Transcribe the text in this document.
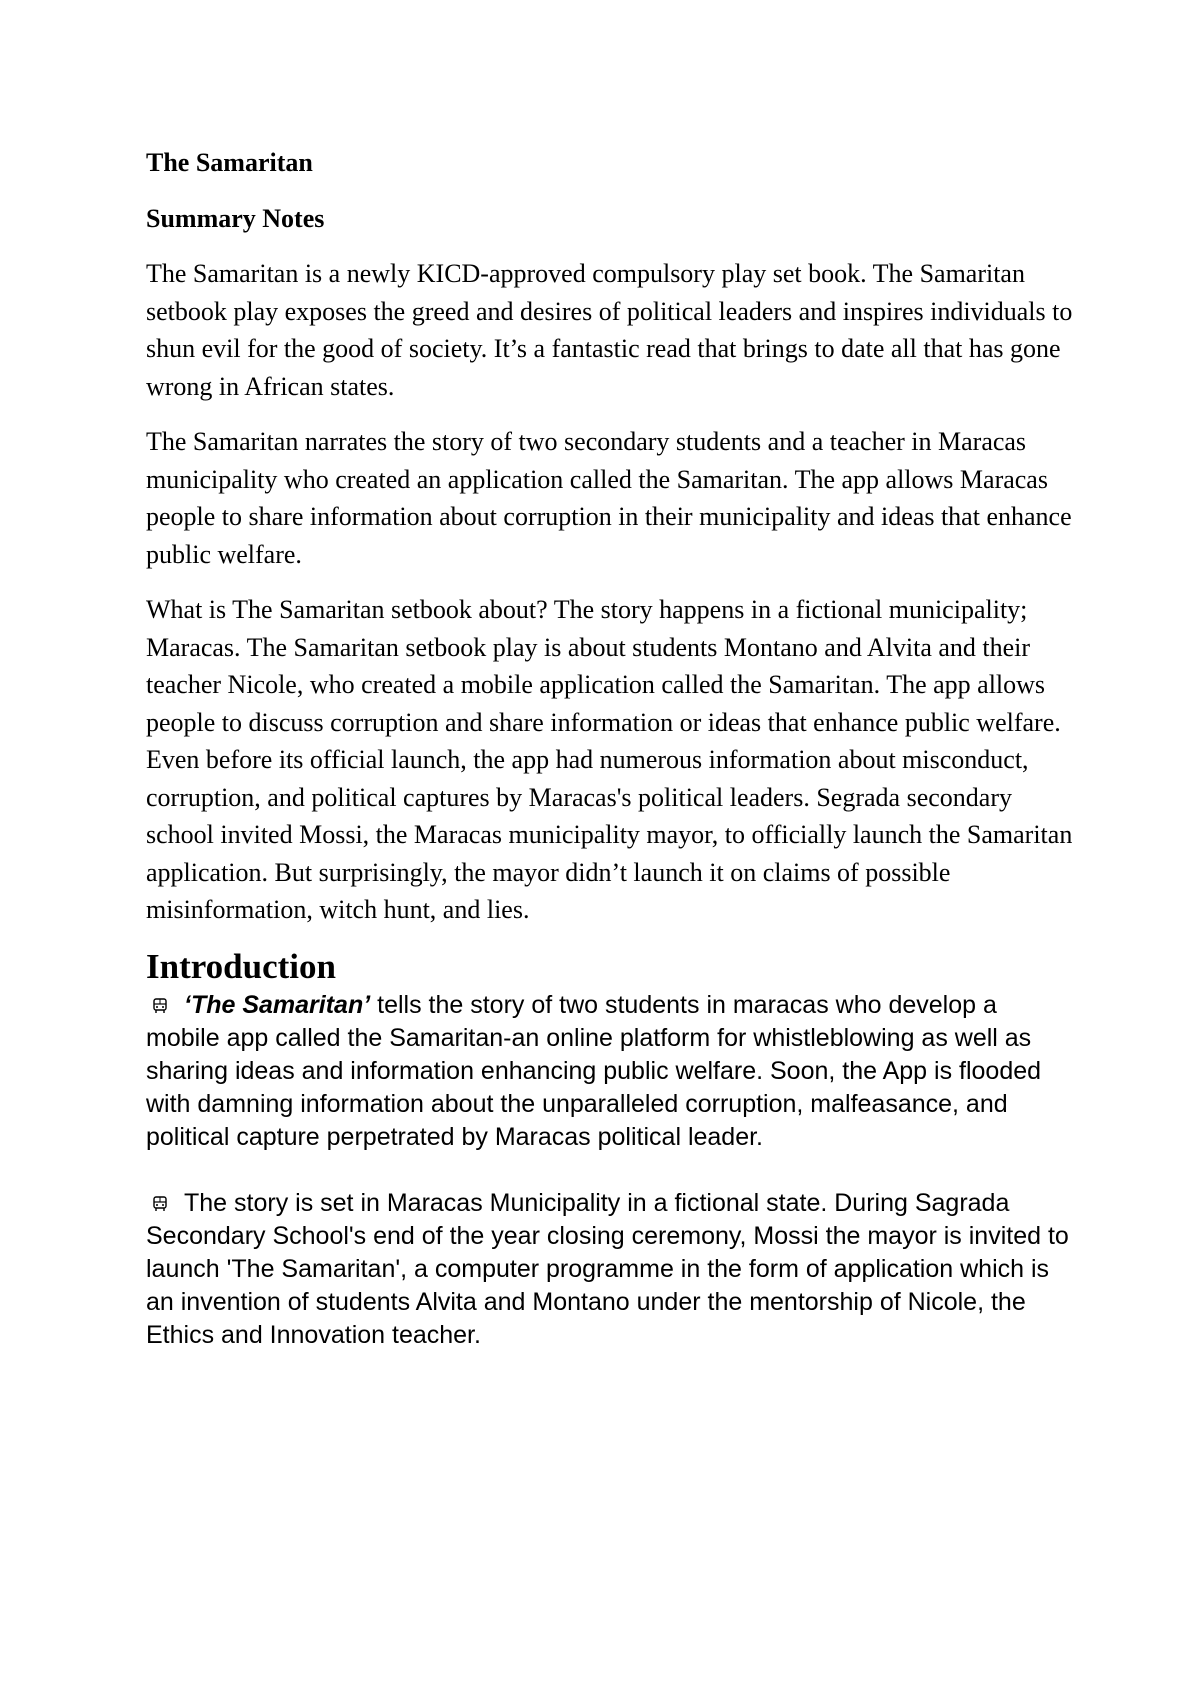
The Samaritan

Summary Notes

The Samaritan is a newly KICD-approved compulsory play set book. The Samaritan setbook play exposes the greed and desires of political leaders and inspires individuals to shun evil for the good of society. It’s a fantastic read that brings to date all that has gone wrong in African states.

The Samaritan narrates the story of two secondary students and a teacher in Maracas municipality who created an application called the Samaritan. The app allows Maracas people to share information about corruption in their municipality and ideas that enhance public welfare.

What is The Samaritan setbook about? The story happens in a fictional municipality; Maracas. The Samaritan setbook play is about students Montano and Alvita and their teacher Nicole, who created a mobile application called the Samaritan. The app allows people to discuss corruption and share information or ideas that enhance public welfare. Even before its official launch, the app had numerous information about misconduct, corruption, and political captures by Maracas's political leaders. Segrada secondary school invited Mossi, the Maracas municipality mayor, to officially launch the Samaritan application. But surprisingly, the mayor didn’t launch it on claims of possible misinformation, witch hunt, and lies.

Introduction

‘The Samaritan’ tells the story of two students in maracas who develop a mobile app called the Samaritan-an online platform for whistleblowing as well as sharing ideas and information enhancing public welfare. Soon, the App is flooded with damning information about the unparalleled corruption, malfeasance, and political capture perpetrated by Maracas political leader.

The story is set in Maracas Municipality in a fictional state. During Sagrada Secondary School's end of the year closing ceremony, Mossi the mayor is invited to launch 'The Samaritan', a computer programme in the form of application which is an invention of students Alvita and Montano under the mentorship of Nicole, the Ethics and Innovation teacher.
